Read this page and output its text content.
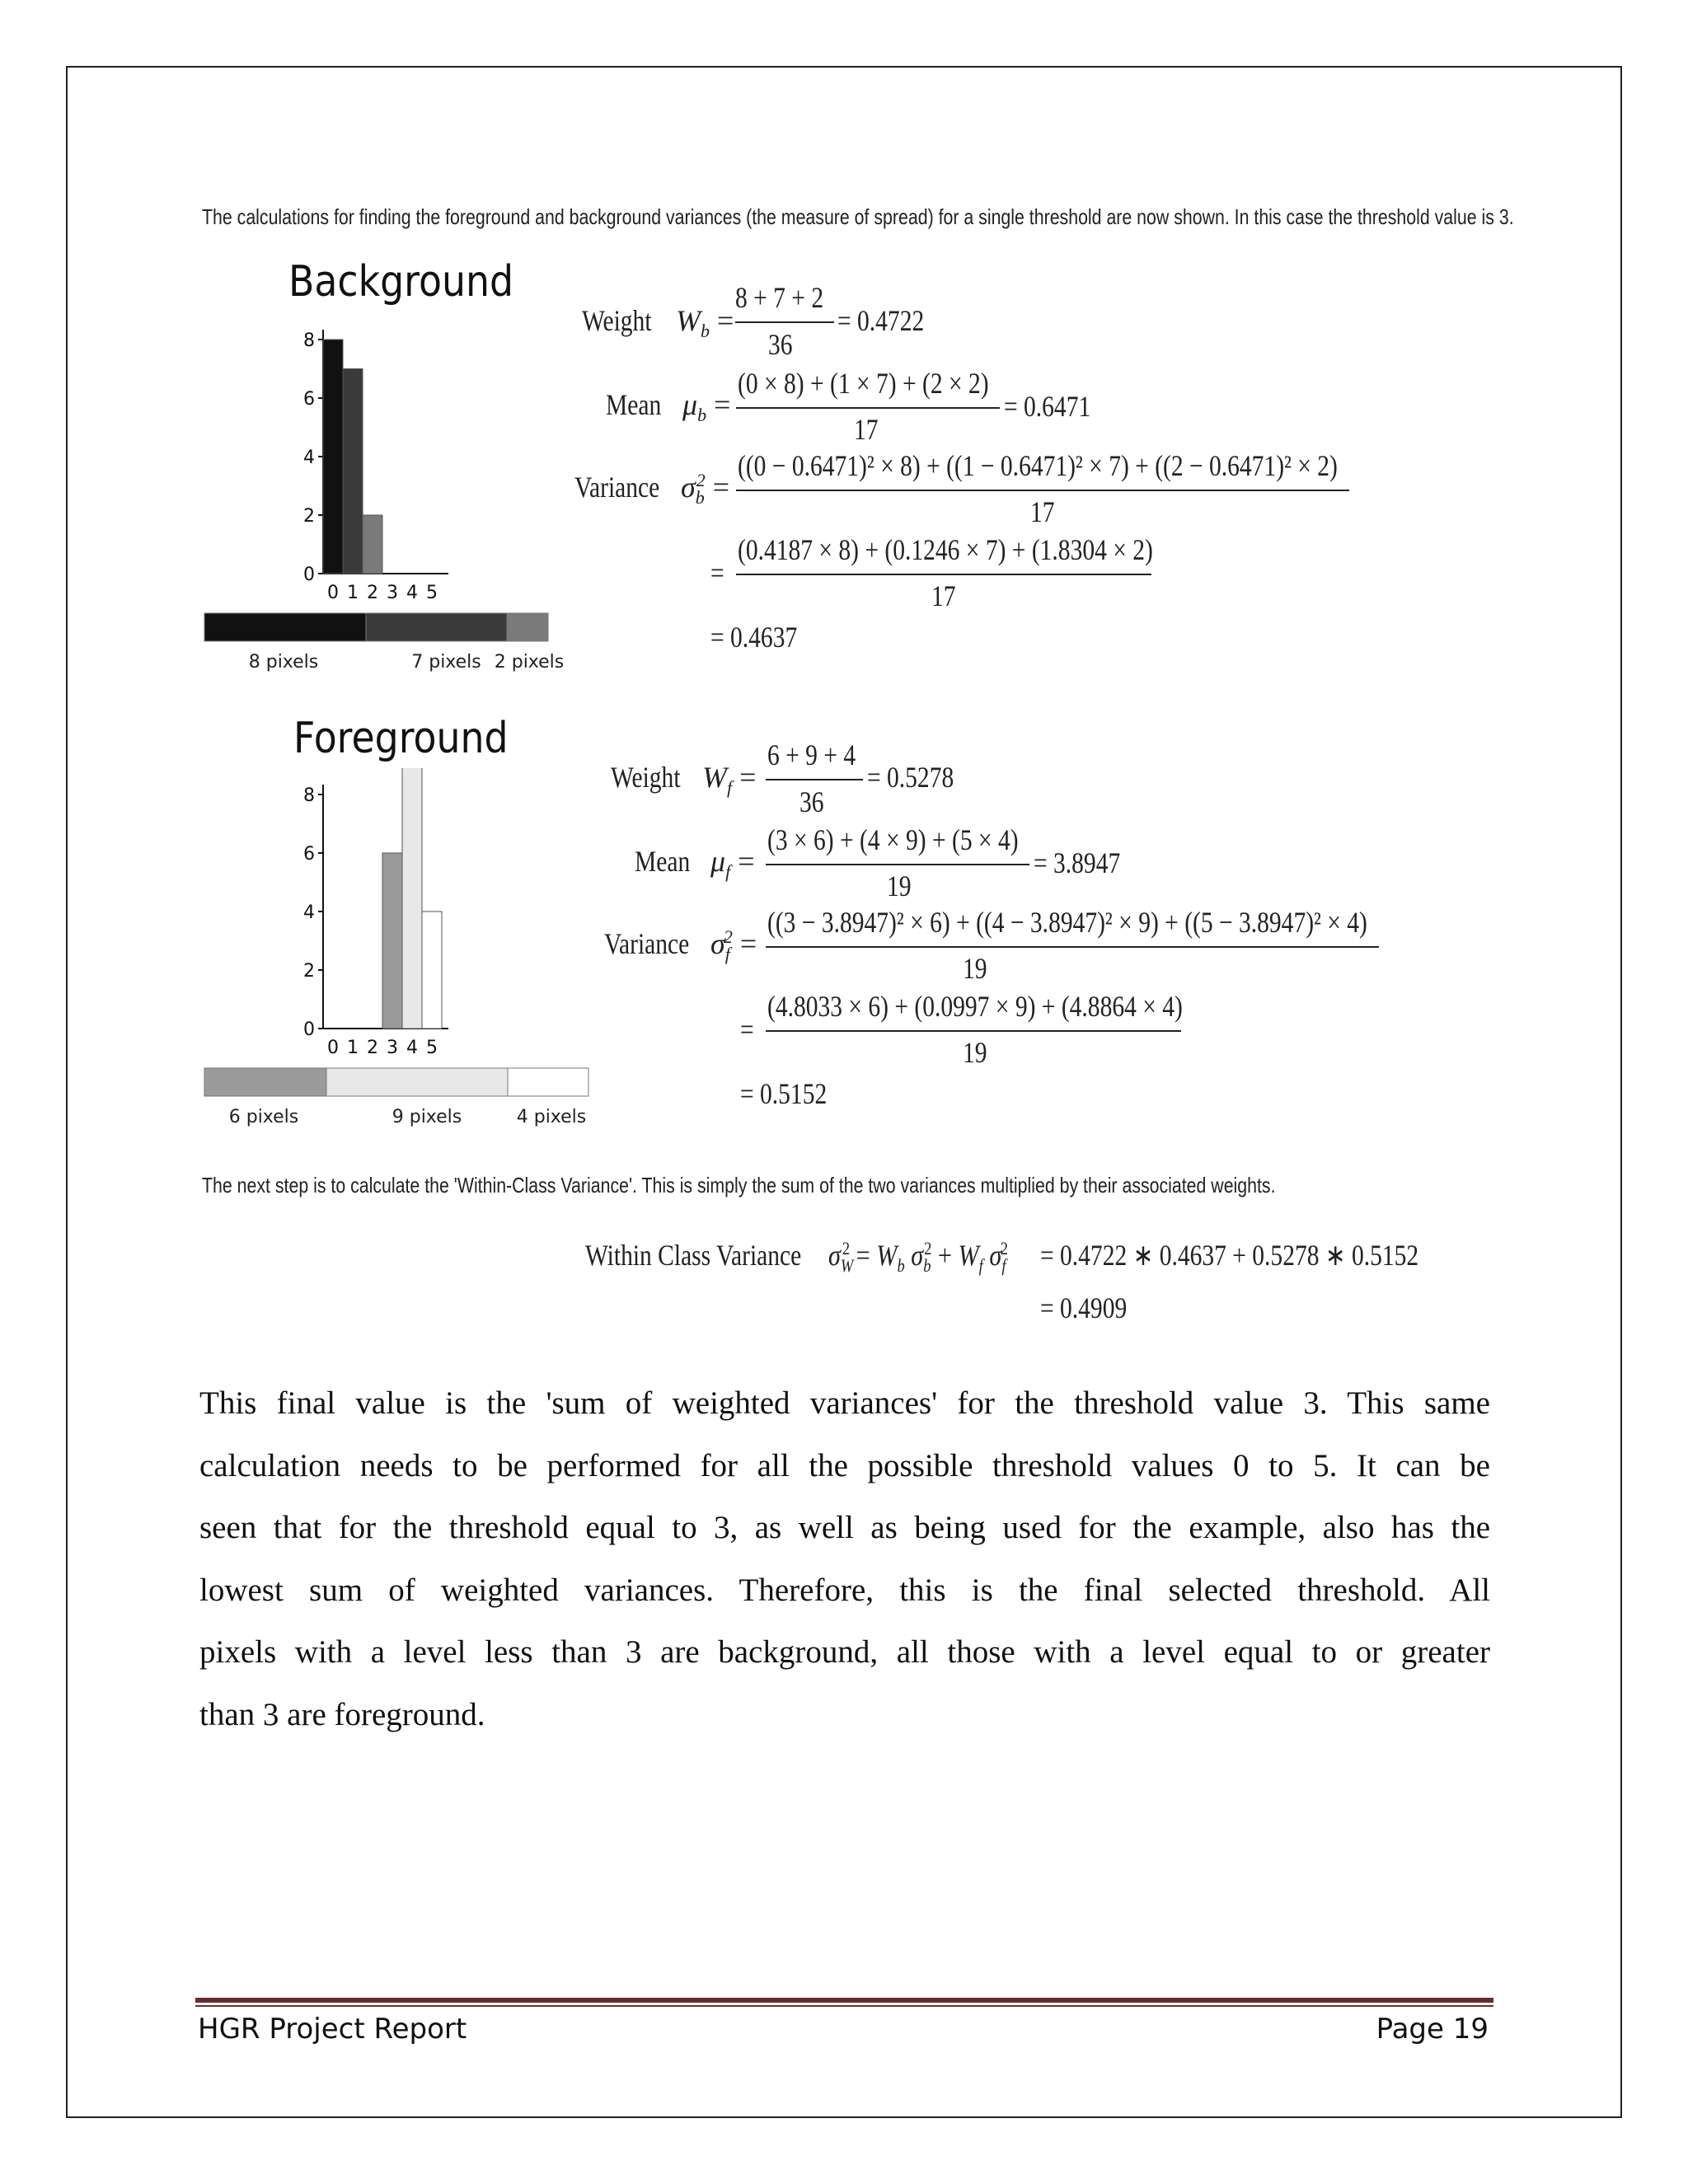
The calculations for finding the foreground and background variances (the measure of spread) for a single threshold are now shown. In this case the threshold value is 3.
Background
0
2
4
6
8
0 1 2 3 4 5
8 pixels	7 pixels 2 pixels
Weight $W_b$ =
8 + 7 + 2
36
= 0.4722
Mean $\mu_b$ =
(0 × 8) + (1 × 7) + (2 × 2)
17
= 0.6471
Variance $\sigma_b^2$ =
((0 − 0.6471)² × 8) + ((1 − 0.6471)² × 7) + ((2 − 0.6471)² × 2)
17
=
(0.4187 × 8) + (0.1246 × 7) + (1.8304 × 2)
17
= 0.4637
Foreground
0
2
4
6
8
0 1 2 3 4 5
6 pixels	9 pixels	4 pixels
Weight $W_f$ =
6 + 9 + 4
36
= 0.5278
Mean $\mu_f$ =
(3 × 6) + (4 × 9) + (5 × 4)
19
= 3.8947
Variance $\sigma_f^2$ =
((3 − 3.8947)² × 6) + ((4 − 3.8947)² × 9) + ((5 − 3.8947)² × 4)
19
=
(4.8033 × 6) + (0.0997 × 9) + (4.8864 × 4)
19
= 0.5152
The next step is to calculate the 'Within-Class Variance'. This is simply the sum of the two variances multiplied by their associated weights.
Within Class Variance $\sigma_W^2 = W_b$ $\sigma_b^2 + W_f$ $\sigma_f^2 = 0.4722$ ∗ 0.4637 + 0.5278 ∗ 0.5152
= 0.4909
This final value is the 'sum of weighted variances' for the threshold value 3. This same
calculation needs to be performed for all the possible threshold values 0 to 5. It can be
seen that for the threshold equal to 3, as well as being used for the example, also has the
lowest sum of weighted variances. Therefore, this is the final selected threshold. All
pixels with a level less than 3 are background, all those with a level equal to or greater
than 3 are foreground.
HGR Project Report	Page 19
